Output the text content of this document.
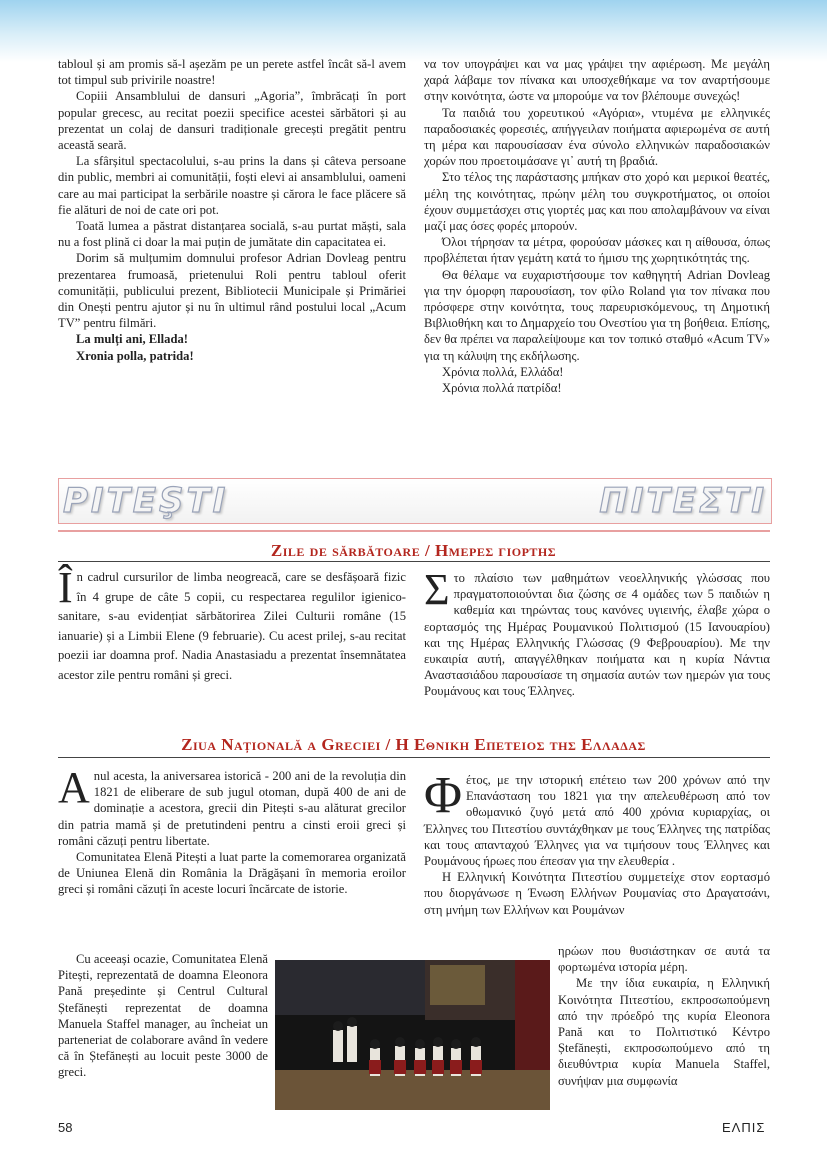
tabloul și am promis să-l așezăm pe un perete astfel încât să-l avem tot timpul sub privirile noastre!

Copiii Ansamblului de dansuri „Agoria”, îmbrăcați în port popular grecesc, au recitat poezii specifice acestei sărbători și au prezentat un colaj de dansuri tradiționale grecești pregătit pentru această seară.

La sfârșitul spectacolului, s-au prins la dans și câteva persoane din public, membri ai comunității, foști elevi ai ansamblului, oameni care au mai participat la serbările noastre și cărora le face plăcere să fie alături de noi de cate ori pot.

Toată lumea a păstrat distanțarea socială, s-au purtat măști, sala nu a fost plină ci doar la mai puțin de jumătate din capacitatea ei.

Dorim să mulțumim domnului profesor Adrian Dovleag pentru prezentarea frumoasă, prietenului Roli pentru tabloul oferit comunității, publicului prezent, Bibliotecii Municipale și Primăriei din Onești pentru ajutor și nu în ultimul rând postului local „Acum TV” pentru filmări.

La mulți ani, Ellada!

Xronia polla, patrida!

να τον υπογράψει και να μας γράψει την αφιέρωση. Με μεγάλη χαρά λάβαμε τον πίνακα και υποσχεθήκαμε να τον αναρτήσουμε στην κοινότητα, ώστε να μπορούμε να τον βλέπουμε συνεχώς!

Τα παιδιά του χορευτικού «Αγόρια», ντυμένα με ελληνικές παραδοσιακές φορεσιές, απήγγειλαν ποιήματα αφιερωμένα σε αυτή τη μέρα και παρουσίασαν ένα σύνολο ελληνικών παραδοσιακών χορών που προετοιμάσανε γι᾽ αυτή τη βραδιά.

Στο τέλος της παράστασης μπήκαν στο χορό και μερικοί θεατές, μέλη της κοινότητας, πρώην μέλη του συγκροτήματος, οι οποίοι έχουν συμμετάσχει στις γιορτές μας και που απολαμβάνουν να είναι μαζί μας όσες φορές μπορούν.

Όλοι τήρησαν τα μέτρα, φορούσαν μάσκες και η αίθουσα, όπως προβλέπεται ήταν γεμάτη κατά το ήμισυ της χωρητικότητάς της.

Θα θέλαμε να ευχαριστήσουμε τον καθηγητή Adrian Dovleag για την όμορφη παρουσίαση, τον φίλο Roland για τον πίνακα που πρόσφερε στην κοινότητα, τους παρευρισκόμενους, τη Δημοτική Βιβλιοθήκη και το Δημαρχείο του Ονεστίου για τη βοήθεια. Επίσης, δεν θα πρέπει να παραλείψουμε και τον τοπικό σταθμό «Acum TV» για τη κάλυψη της εκδήλωσης.

Χρόνια πολλά, Ελλάδα!

Χρόνια πολλά πατρίδα!

PITEŞTI	ΠΙΤΕΣΤΙ
Zile de sărbătoare / Ημερες γιορτης
Î n cadrul cursurilor de limba neogreacă, care se desfășoară fizic în 4 grupe de câte 5 copii, cu respectarea regulilor igienico-sanitare, s-au evidențiat sărbătorirea Zilei Culturii române (15 ianuarie) și a Limbii Elene (9 februarie). Cu acest prilej, s-au recitat poezii iar doamna prof. Nadia Anastasiadu a prezentat însemnătatea acestor zile pentru români și greci.
Σ το πλαίσιο των μαθημάτων νεοελληνικής γλώσσας που πραγματοποιούνται δια ζώσης σε 4 ομάδες των 5 παιδιών η καθεμία και τηρώντας τους κανόνες υγιεινής, έλαβε χώρα ο εορτασμός της Ημέρας Ρουμανικού Πολιτισμού (15 Ιανουαρίου) και της Ημέρας Ελληνικής Γλώσσας (9 Φεβρουαρίου). Με την ευκαιρία αυτή, απαγγέλθηκαν ποιήματα και η κυρία Νάντια Αναστασιάδου παρουσίασε τη σημασία αυτών των ημερών για τους Ρουμάνους και τους Έλληνες.
Ziua Națională a Greciei / Η Εθνικη Επετειος της Ελλαδας

A nul acesta, la aniversarea istorică - 200 ani de la revoluția din 1821 de eliberare de sub jugul otoman, după 400 de ani de dominație a acestora, grecii din Pitești s-au alăturat grecilor din patria mamă și de pretutindeni pentru a cinsti eroii greci și români căzuți pentru libertate.

Comunitatea Elenă Pitești a luat parte la comemorarea organizată de Uniunea Elenă din România la Drăgășani în memoria eroilor greci și români căzuți în aceste locuri încărcate de istorie.

Cu aceeași ocazie, Comunitatea Elenă Pitești, reprezentată de doamna Eleonora Pană președinte și Centrul Cultural Ștefănești reprezentat de doamna Manuela Staffel manager, au încheiat un parteneriat de colaborare având în vedere că în Ștefănești au locuit peste 3000 de greci.

Φ έτος, με την ιστορική επέτειο των 200 χρόνων από την Επανάσταση του 1821 για την απελευθέρωση από τον οθωμανικό ζυγό μετά από 400 χρόνια κυριαρχίας, οι Έλληνες του Πιτεστίου συντάχθηκαν με τους Έλληνες της πατρίδας και τους απανταχού Έλληνες για να τιμήσουν τους Έλληνες και Ρουμάνους ήρωες που έπεσαν για την ελευθερία .

Η Ελληνική Κοινότητα Πιτεστίου συμμετείχε στον εορτασμό που διοργάνωσε η Ένωση Ελλήνων Ρουμανίας στο Δραγατσάνι, στη μνήμη των Ελλήνων και Ρουμάνων

ηρώων που θυσιάστηκαν σε αυτά τα φορτωμένα ιστορία μέρη.

Με την ίδια ευκαιρία, η Ελληνική Κοινότητα Πιτεστίου, εκπροσωπούμενη από την πρόεδρό της κυρία Eleonora Pană και το Πολιτιστικό Κέντρο Ștefănești, εκπροσωπούμενο από τη διευθύντρια κυρία Manuela Staffel, συνήψαν μια συμφωνία

58	ΕΛΠΙΣ
